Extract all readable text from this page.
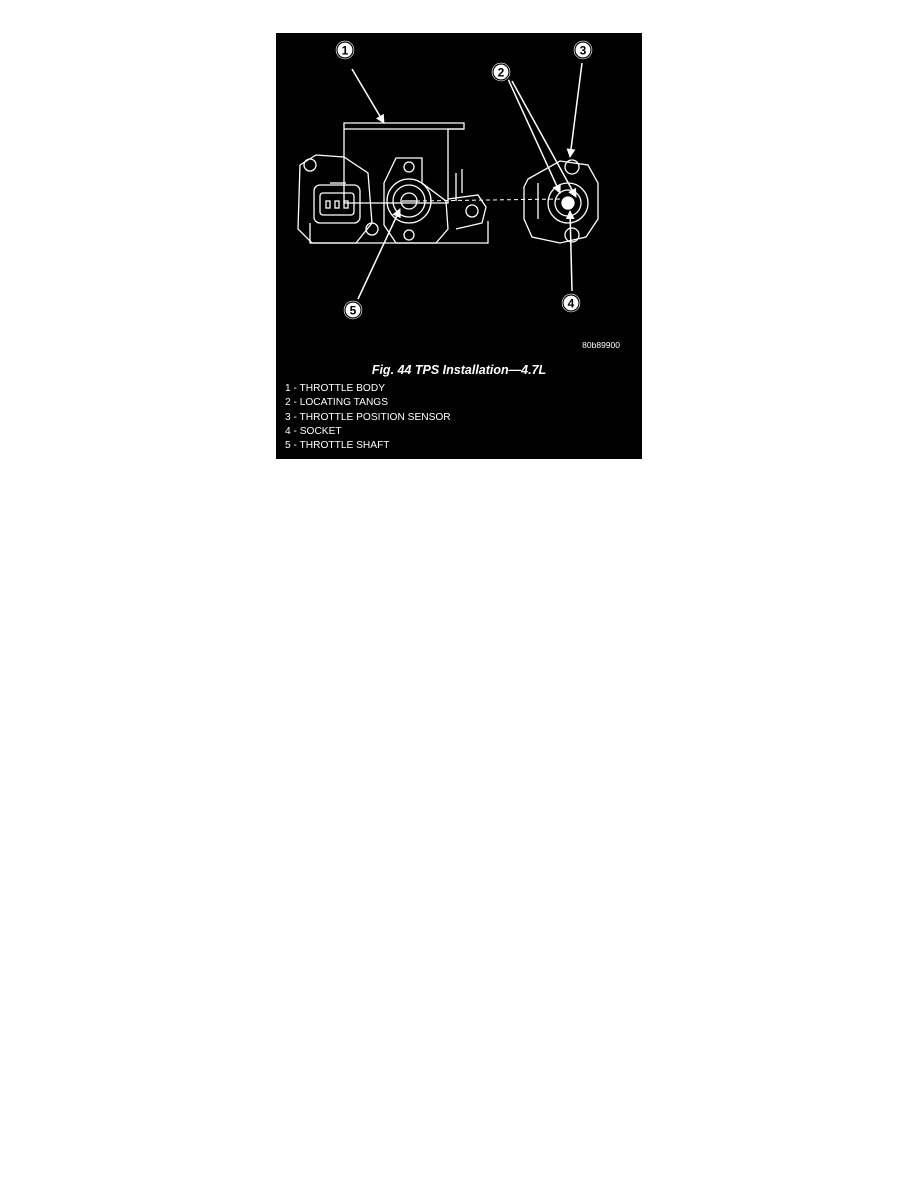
1
2
3
4
5
80b89900
Fig. 44 TPS Installation—4.7L
1 - THROTTLE BODY
2 - LOCATING TANGS
3 - THROTTLE POSITION SENSOR
4 - SOCKET
5 - THROTTLE SHAFT
